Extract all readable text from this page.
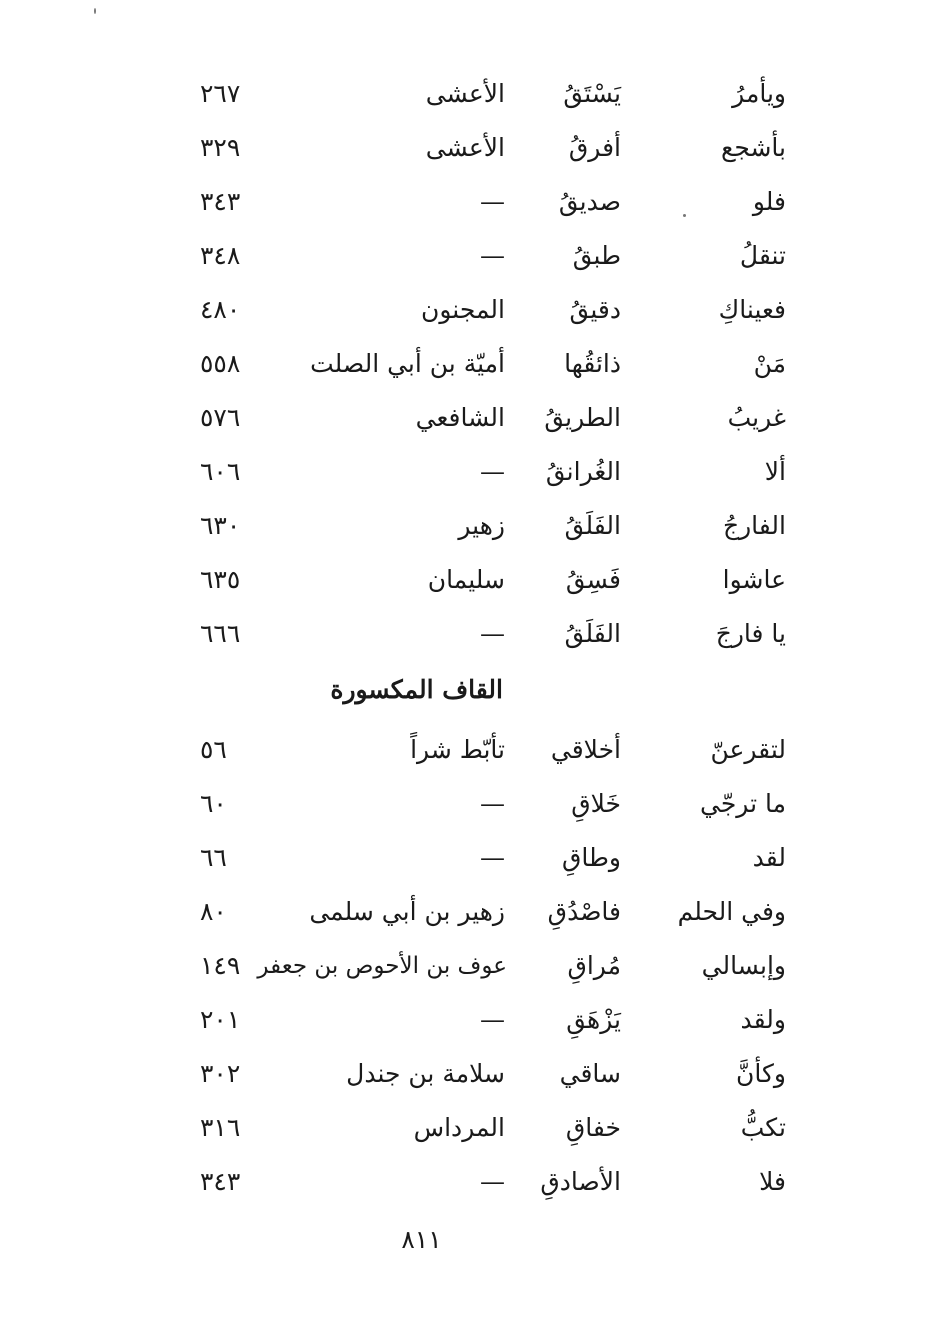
ويأمرُ
يَسْتَقُ
الأعشى
٢٦٧
بأشجع
أفرقُ
الأعشى
٣٢٩
فلو
صديقُ
—
٣٤٣
تنقلُ
طبقُ
—
٣٤٨
فعيناكِ
دقيقُ
المجنون
٤٨٠
مَنْ
ذائقُها
أميّة بن أبي الصلت
٥٥٨
غريبُ
الطريقُ
الشافعي
٥٧٦
ألا
الغُرانقُ
—
٦٠٦
الفارجُ
الفَلَقُ
زهير
٦٣٠
عاشوا
فَسِقُ
سليمان
٦٣٥
يا فارجَ
الفَلَقُ
—
٦٦٦
القاف المكسورة
لتقرعنّ
أخلاقي
تأبّط شراً
٥٦
ما ترجّي
خَلاقِ
—
٦٠
لقد
وطاقِ
—
٦٦
وفي الحلم
فاصْدُقِ
زهير بن أبي سلمى
٨٠
وإبسالي
مُراقِ
عوف بن الأحوص بن جعفر
١٤٩
ولقد
يَزْهَقِ
—
٢٠١
وكأنَّ
ساقي
سلامة بن جندل
٣٠٢
تكبُّ
خفاقِ
المرداس
٣١٦
فلا
الأصادقِ
—
٣٤٣
٨١١
